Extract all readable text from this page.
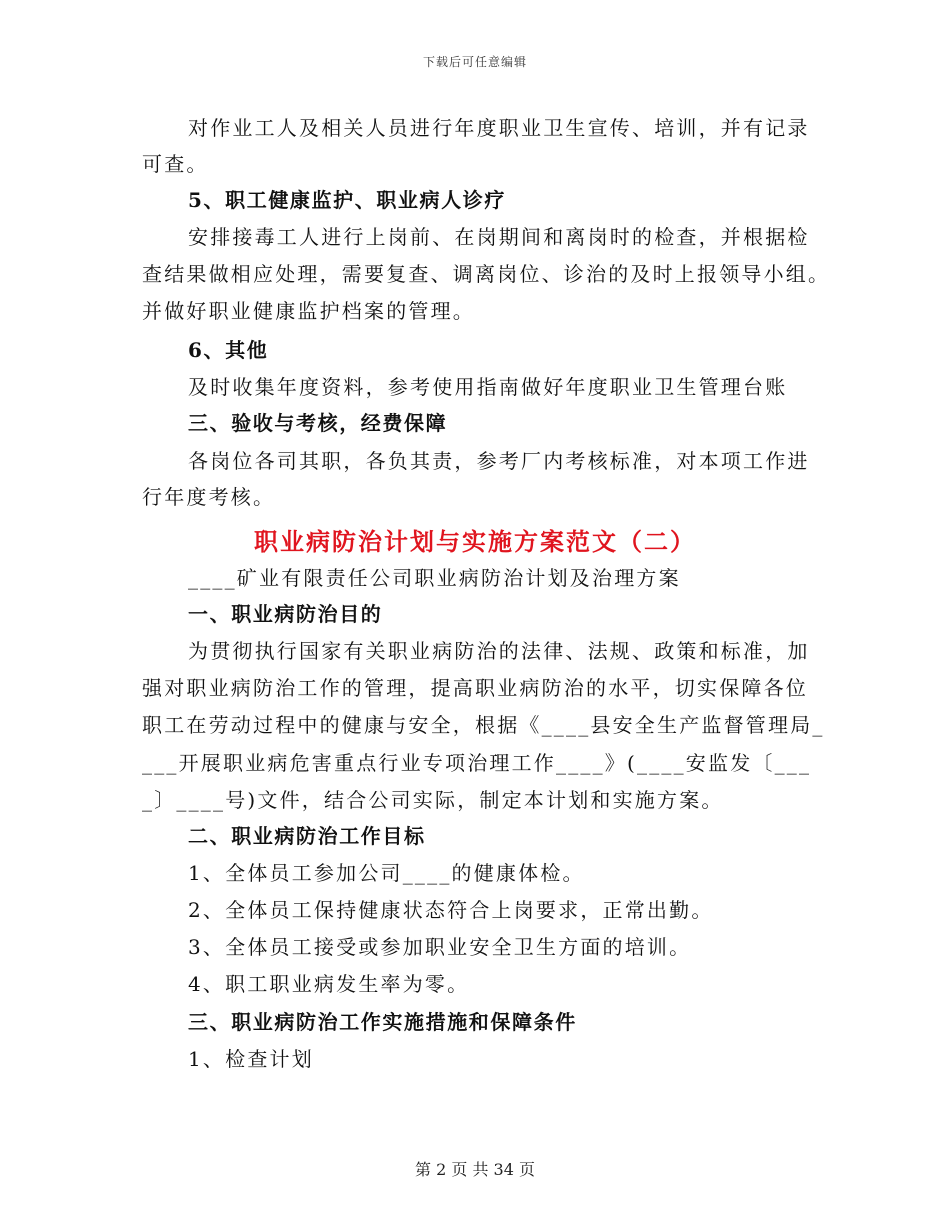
下载后可任意编辑
对作业工人及相关人员进行年度职业卫生宣传、培训，并有记录
可查。
5、职工健康监护、职业病人诊疗
安排接毒工人进行上岗前、在岗期间和离岗时的检查，并根据检
查结果做相应处理，需要复查、调离岗位、诊治的及时上报领导小组。
并做好职业健康监护档案的管理。
6、其他
及时收集年度资料，参考使用指南做好年度职业卫生管理台账
三、验收与考核，经费保障
各岗位各司其职，各负其责，参考厂内考核标准，对本项工作进
行年度考核。
职业病防治计划与实施方案范文（二）
____矿业有限责任公司职业病防治计划及治理方案
一、职业病防治目的
为贯彻执行国家有关职业病防治的法律、法规、政策和标准，加
强对职业病防治工作的管理，提高职业病防治的水平，切实保障各位
职工在劳动过程中的健康与安全，根据《____县安全生产监督管理局_
___开展职业病危害重点行业专项治理工作____》(____安监发〔___
_〕____号)文件，结合公司实际，制定本计划和实施方案。
二、职业病防治工作目标
1、全体员工参加公司____的健康体检。
2、全体员工保持健康状态符合上岗要求，正常出勤。
3、全体员工接受或参加职业安全卫生方面的培训。
4、职工职业病发生率为零。
三、职业病防治工作实施措施和保障条件
1、检查计划
第 2 页 共 34 页
